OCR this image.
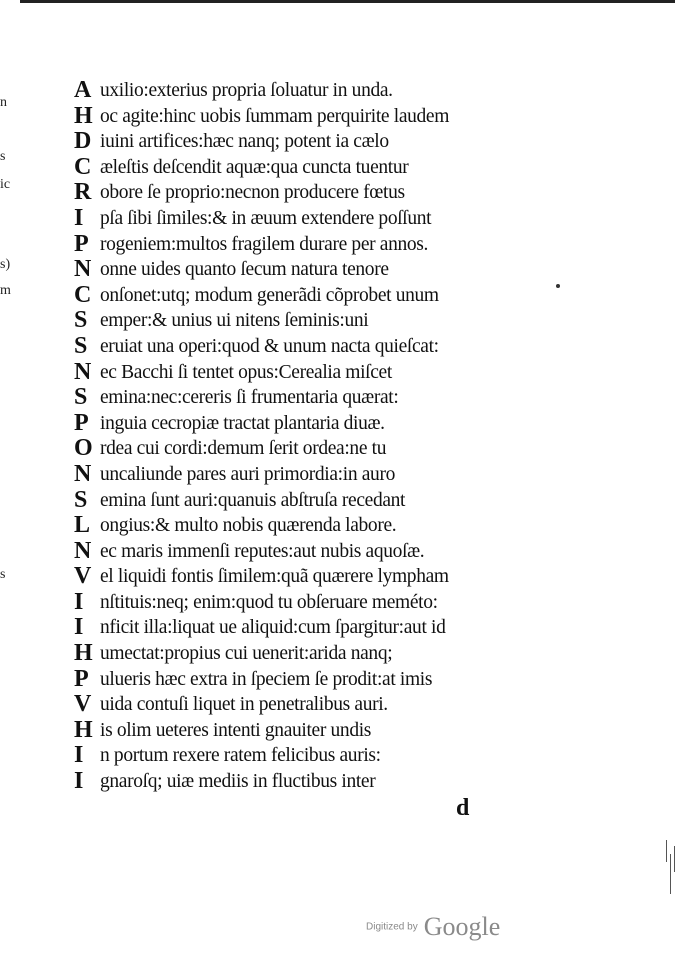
n
s
ic
s)
m
s
A uxilio:exterius propria ſoluatur in unda.
H oc agite:hinc uobis ſummam perquirite laudem
D iuini artifices:hæc nanq; potent ia cælo
C æleſtis deſcendit aquæ:qua cuncta tuentur
R obore ſe proprio:necnon producere fœtus
I pſa ſibi ſimiles:& in æuum extendere poſſunt
P rogeniem:multos fragilem durare per annos.
N onne uides quanto ſecum natura tenore
C onſonet:utq; modum generãdi cõprobet unum
S emper:& unius ui nitens ſeminis:uni
S eruiat una operi:quod & unum nacta quieſcat:
N ec Bacchi ſi tentet opus:Cerealia miſcet
S emina:nec:cereris ſi frumentaria quærat:
P inguia cecropiæ tractat plantaria diuæ.
O rdea cui cordi:demum ſerit ordea:ne tu
N uncaliunde pares auri primordia:in auro
S emina ſunt auri:quanuis abſtruſa recedant
L ongius:& multo nobis quærenda labore.
N ec maris immenſi reputes:aut nubis aquoſæ.
V el liquidi fontis ſimilem:quã quærere lympham
I nſtituis:neq; enim:quod tu obſeruare meméto:
I nficit illa:liquat ue aliquid:cum ſpargitur:aut id
H umectat:propius cui uenerit:arida nanq;
P ulueris hæc extra in ſpeciem ſe prodit:at imis
V uida contuſi liquet in penetralibus auri.
H is olim ueteres intenti gnauiter undis
I n portum rexere ratem felicibus auris:
I gnaroſq; uiæ mediis in fluctibus inter
d
Digitized by Google
